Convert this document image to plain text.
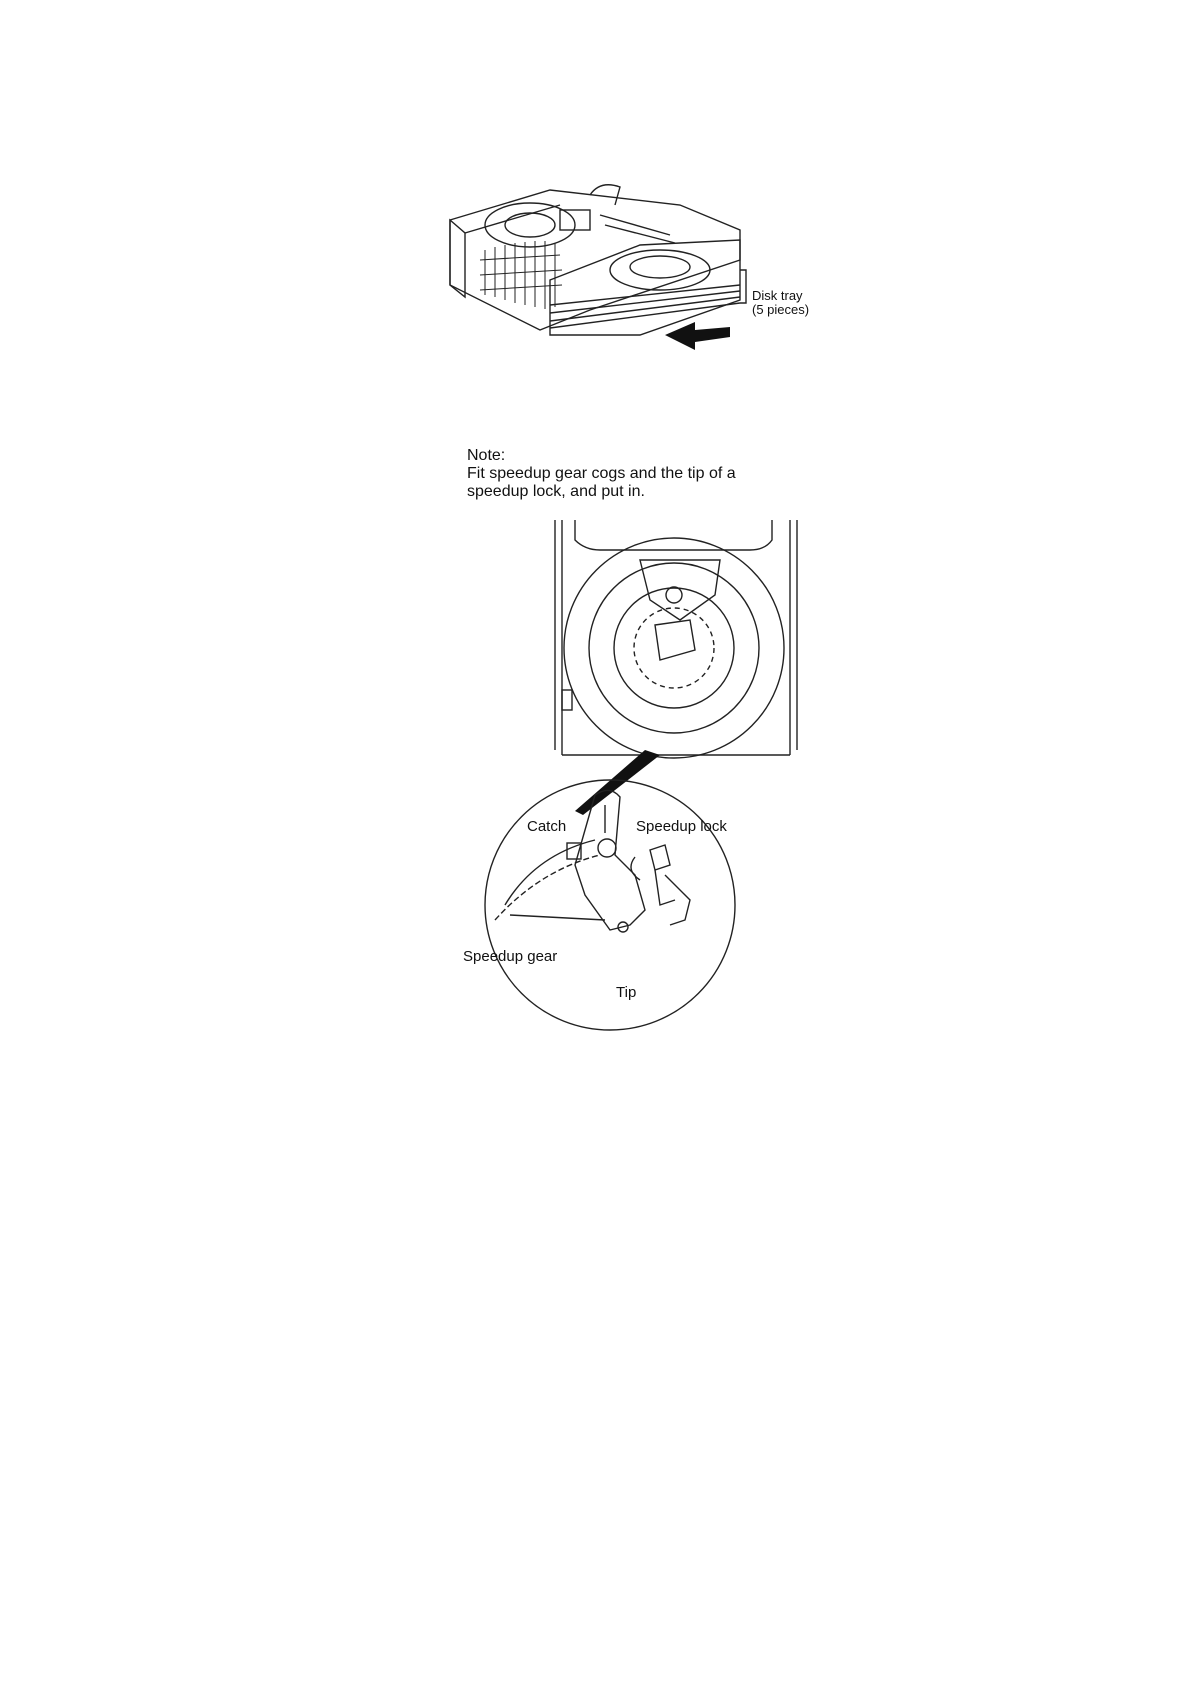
Disk tray
(5 pieces)
Note:
Fit speedup gear cogs and the tip of a
speedup lock, and put in.
Catch	Speedup lock
Speedup gear
Tip
